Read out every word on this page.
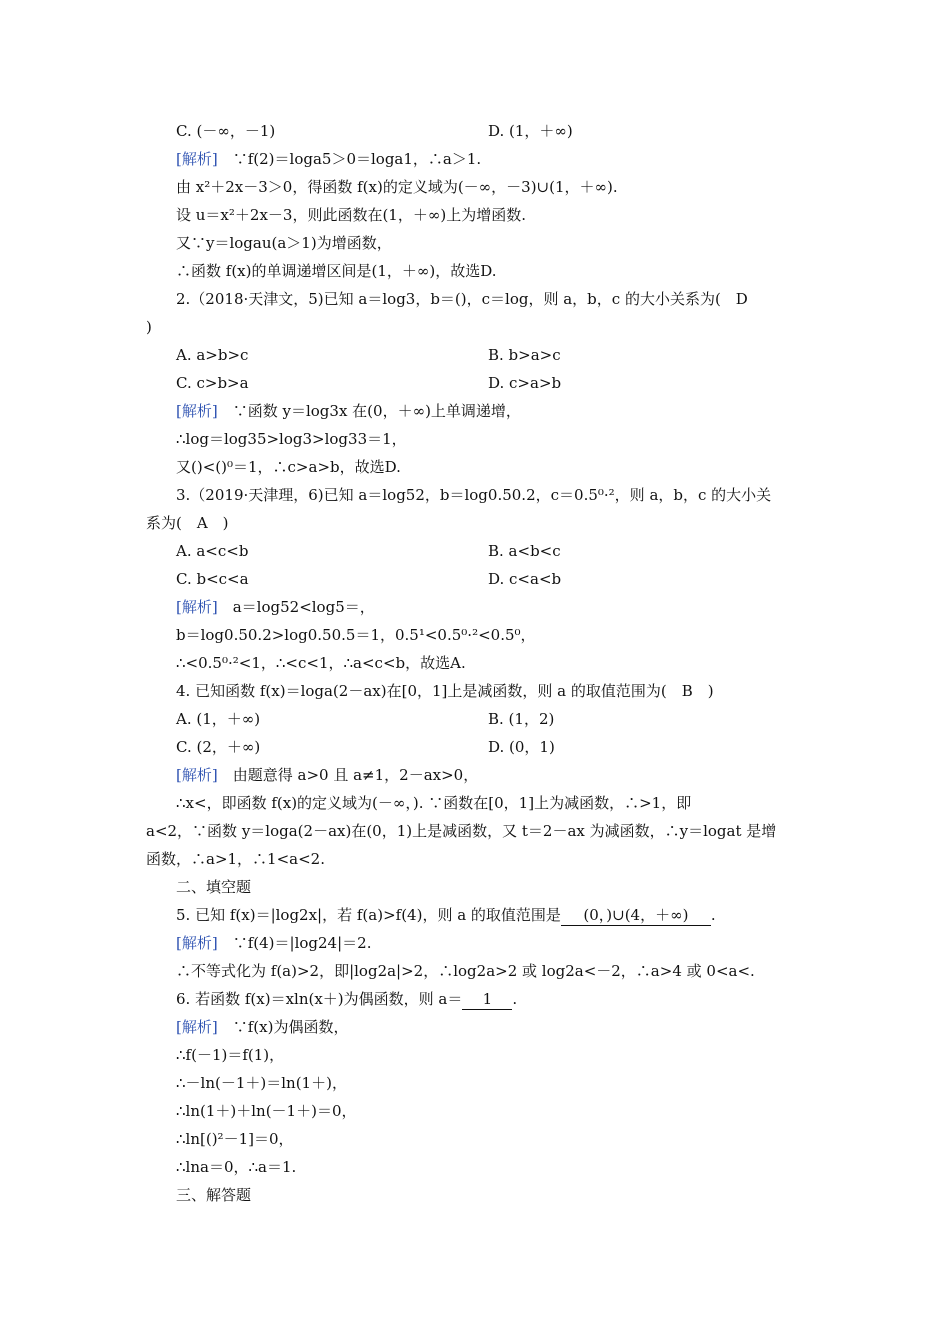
C. (－∞，－1)	D. (1，＋∞)
[解析]　 ∵f(2)＝loga5＞0＝loga1，∴a＞1.
由 x²＋2x－3＞0，得函数 f(x)的定义域为(－∞，－3)∪(1，＋∞).
设 u＝x²＋2x－3，则此函数在(1，＋∞)上为增函数.
又∵y＝logau(a＞1)为增函数，
∴函数 f(x)的单调递增区间是(1，＋∞)，故选D.
2.（2018·天津文，5)已知 a＝log3，b＝()，c＝log，则 a，b，c 的大小关系为(　D
)
A. a>b>c	B. b>a>c
C. c>b>a	D. c>a>b
[解析]　 ∵函数 y＝log3x 在(0，＋∞)上单调递增，
∴log＝log35>log3>log33＝1，
又()<()⁰＝1，∴c>a>b，故选D.
3.（2019·天津理，6)已知 a＝log52，b＝log0.50.2，c＝0.5⁰·²，则 a，b，c 的大小关
系为(　A　)
A. a<c<b	B. a<b<c
C. b<c<a	D. c<a<b
[解析]　 a＝log52<log5＝，
b＝log0.50.2>log0.50.5＝1，0.5¹<0.5⁰·²<0.5⁰，
∴<0.5⁰·²<1，∴<c<1，∴a<c<b，故选A.
4. 已知函数 f(x)＝loga(2－ax)在[0，1]上是减函数，则 a 的取值范围为(　B　)
A. (1，＋∞)	B. (1，2)
C. (2，＋∞)	D. (0，1)
[解析]　 由题意得 a>0 且 a≠1，2－ax>0，
∴x<，即函数 f(x)的定义域为(－∞，). ∵函数在[0，1]上为减函数，∴>1，即
a<2，∵函数 y＝loga(2－ax)在(0，1)上是减函数，又 t＝2－ax 为减函数，∴y＝logat 是增
函数，∴a>1，∴1<a<2.
二、填空题
5. 已知 f(x)＝|log2x|，若 f(a)>f(4)，则 a 的取值范围是 (0，)∪(4，＋∞) .
[解析]　 ∵f(4)＝|log24|＝2.
∴不等式化为 f(a)>2，即|log2a|>2，∴log2a>2 或 log2a<－2，∴a>4 或 0<a<.
6. 若函数 f(x)＝xln(x＋)为偶函数，则 a＝ 1 .
[解析]　 ∵f(x)为偶函数，
∴f(－1)＝f(1)，
∴－ln(－1＋)＝ln(1＋)，
∴ln(1＋)＋ln(－1＋)＝0，
∴ln[()²－1]＝0，
∴lna＝0，∴a＝1.
三、解答题
